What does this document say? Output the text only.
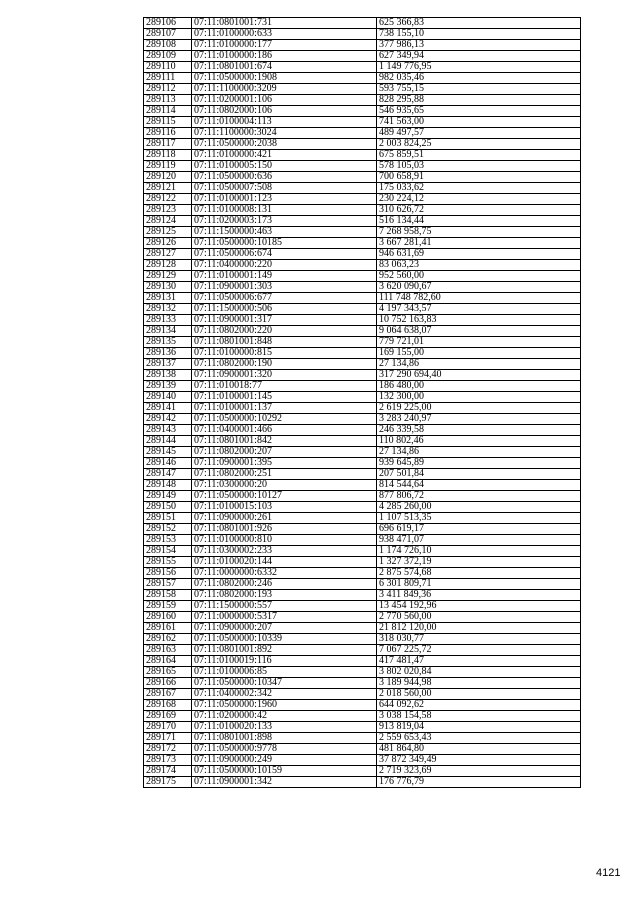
289106	07:11:0801001:731	625 366,83
289107	07:11:0100000:633	738 155,10
289108	07:11:0100000:177	377 986,13
289109	07:11:0100000:186	627 349,94
289110	07:11:0801001:674	1 149 776,95
289111	07:11:0500000:1908	982 035,46
289112	07:11:1100000:3209	593 755,15
289113	07:11:0200001:106	828 295,88
289114	07:11:0802000:106	546 935,65
289115	07:11:0100004:113	741 563,00
289116	07:11:1100000:3024	489 497,57
289117	07:11:0500000:2038	2 003 824,25
289118	07:11:0100000:421	675 859,51
289119	07:11:0100005:150	578 105,03
289120	07:11:0500000:636	700 658,91
289121	07:11:0500007:508	175 033,62
289122	07:11:0100001:123	230 224,12
289123	07:11:0100008:131	310 626,72
289124	07:11:0200003:173	516 134,44
289125	07:11:1500000:463	7 268 958,75
289126	07:11:0500000:10185	3 667 281,41
289127	07:11:0500006:674	946 631,69
289128	07:11:0400000:220	83 063,23
289129	07:11:0100001:149	952 560,00
289130	07:11:0900001:303	3 620 090,67
289131	07:11:0500006:677	111 748 782,60
289132	07:11:1500000:506	4 197 343,57
289133	07:11:0900001:317	10 752 163,83
289134	07:11:0802000:220	9 064 638,07
289135	07:11:0801001:848	779 721,01
289136	07:11:0100000:815	169 155,00
289137	07:11:0802000:190	27 134,86
289138	07:11:0900001:320	317 290 694,40
289139	07:11:010018:77	186 480,00
289140	07:11:0100001:145	132 300,00
289141	07:11:0100001:137	2 619 225,00
289142	07:11:0500000:10292	3 283 240,97
289143	07:11:0400001:466	246 339,58
289144	07:11:0801001:842	110 802,46
289145	07:11:0802000:207	27 134,86
289146	07:11:0900001:395	939 645,89
289147	07:11:0802000:251	207 501,84
289148	07:11:0300000:20	814 544,64
289149	07:11:0500000:10127	877 806,72
289150	07:11:0100015:103	4 285 260,00
289151	07:11:0900000:261	1 107 513,35
289152	07:11:0801001:926	696 619,17
289153	07:11:0100000:810	938 471,07
289154	07:11:0300002:233	1 174 726,10
289155	07:11:0100020:144	1 327 372,19
289156	07:11:0000000:6332	2 875 574,68
289157	07:11:0802000:246	6 301 809,71
289158	07:11:0802000:193	3 411 849,36
289159	07:11:1500000:557	13 454 192,96
289160	07:11:0000000:5317	2 770 560,00
289161	07:11:0900000:207	21 812 120,00
289162	07:11:0500000:10339	318 030,77
289163	07:11:0801001:892	7 067 225,72
289164	07:11:0100019:116	417 481,47
289165	07:11:0100006:85	3 802 020,84
289166	07:11:0500000:10347	3 189 944,98
289167	07:11:0400002:342	2 018 560,00
289168	07:11:0500000:1960	644 092,62
289169	07:11:0200000:42	3 038 154,58
289170	07:11:0100020:133	913 819,04
289171	07:11:0801001:898	2 559 653,43
289172	07:11:0500000:9778	481 864,80
289173	07:11:0900000:249	37 872 349,49
289174	07:11:0500000:10159	2 719 323,69
289175	07:11:0900001:342	176 776,79
4121
